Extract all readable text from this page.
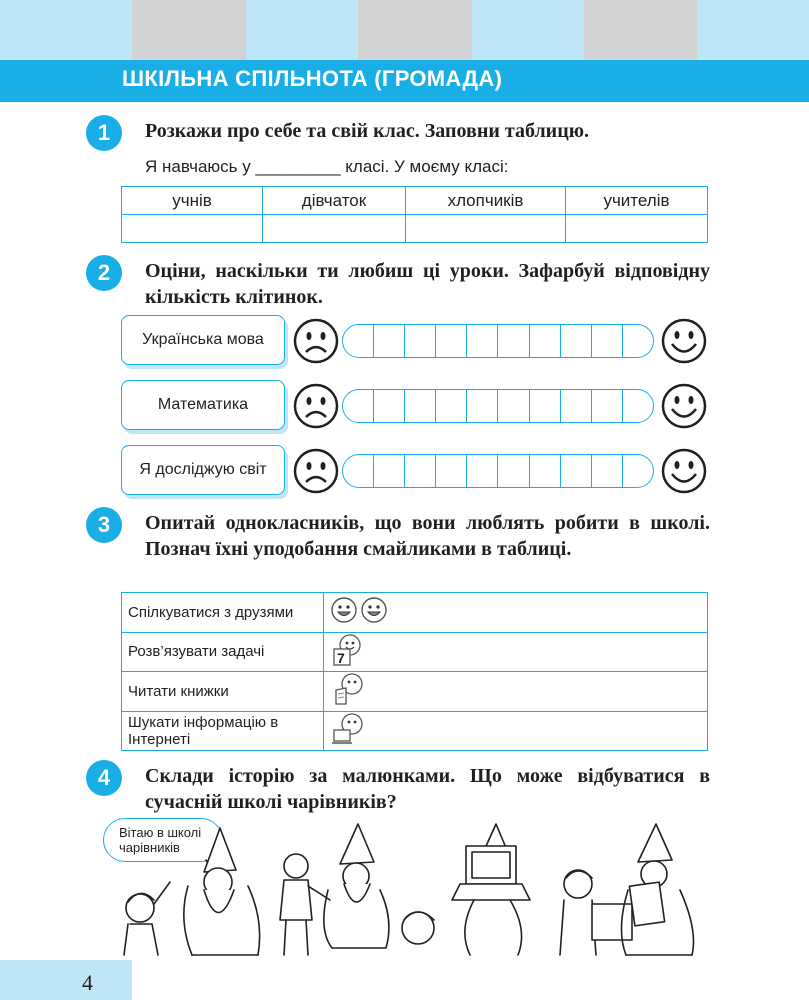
ШКІЛЬНА СПІЛЬНОТА (ГРОМАДА)
1	Розкажи про себе та свій клас. Заповни таблицю.
Я навчаюсь у _________ класі. У моєму класі:
учнів	дівчаток	хлопчиків	учителів

2	Оціни, наскільки ти любиш ці уроки. Зафарбуй відповідну кількість клітинок.
Українська мова
Математика
Я досліджую світ
3	Опитай однокласників, що вони люблять робити в школі. Познач їхні уподобання смайликами в таблиці.
Спілкуватися з друзями	
Розв’язувати задачі	7

Читати книжки	
Шукати інформацію в Інтернеті	
4	Склади історію за малюнками. Що може відбуватися в сучасній школі чарівників?
Вітаю в школі чарівників
4
